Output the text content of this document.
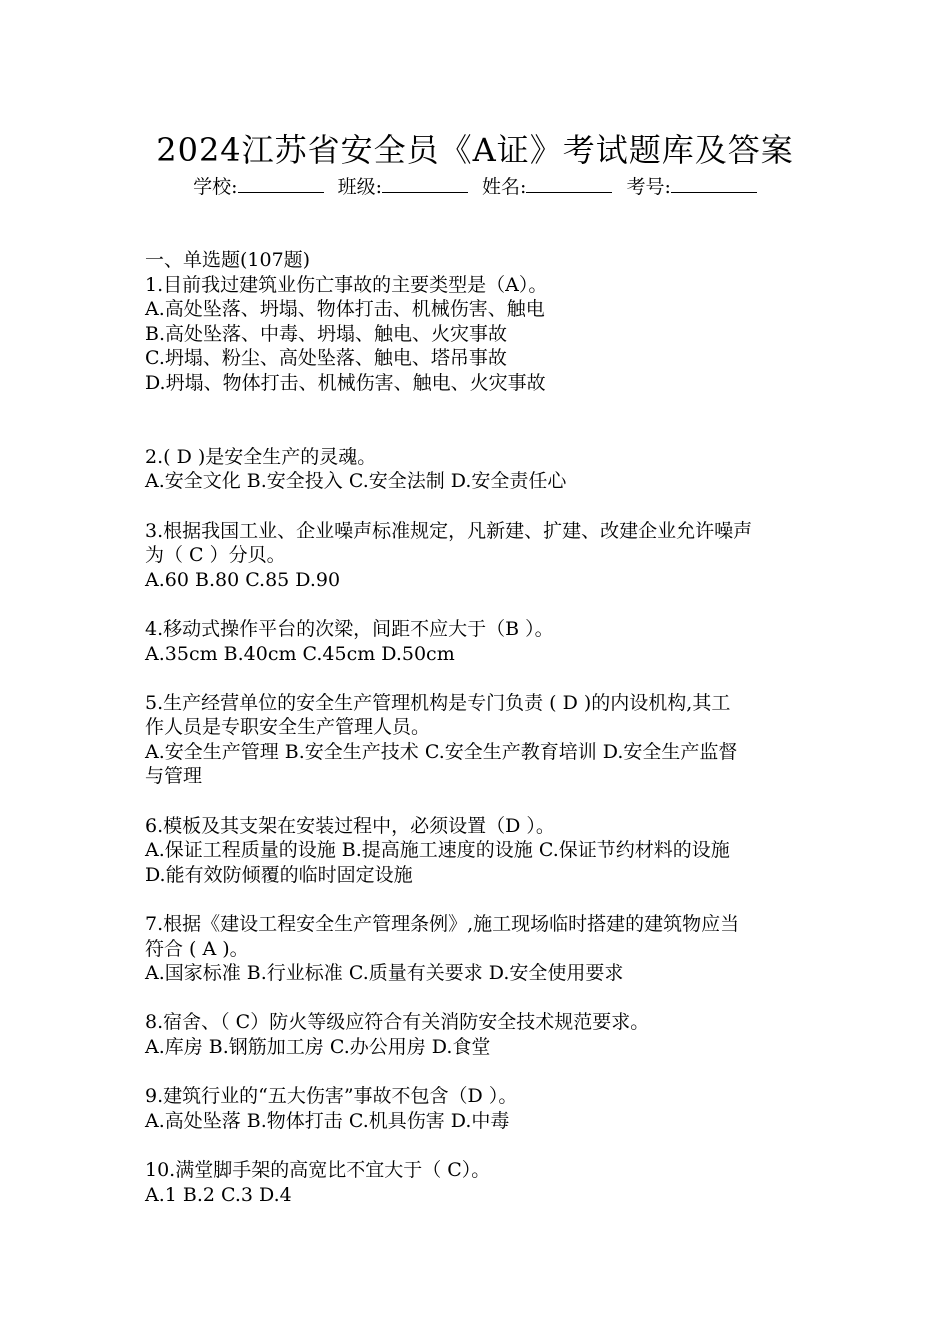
2024江苏省安全员《A证》考试题库及答案
学校:	班级:	姓名:	考号:
一、单选题(107题)
1.目前我过建筑业伤亡事故的主要类型是（A）。
A.高处坠落、坍塌、物体打击、机械伤害、触电
B.高处坠落、中毒、坍塌、触电、火灾事故
C.坍塌、粉尘、高处坠落、触电、塔吊事故
D.坍塌、物体打击、机械伤害、触电、火灾事故
2.( D )是安全生产的灵魂。
A.安全文化 B.安全投入 C.安全法制 D.安全责任心
3.根据我国工业、企业噪声标准规定，凡新建、扩建、改建企业允许噪声
为（ C ）分贝。
A.60 B.80 C.85 D.90
4.移动式操作平台的次梁，间距不应大于（B ）。
A.35cm B.40cm C.45cm D.50cm
5.生产经营单位的安全生产管理机构是专门负责 ( D )的内设机构,其工
作人员是专职安全生产管理人员。
A.安全生产管理 B.安全生产技术 C.安全生产教育培训 D.安全生产监督
与管理
6.模板及其支架在安装过程中，必须设置（D ）。
A.保证工程质量的设施 B.提高施工速度的设施 C.保证节约材料的设施
D.能有效防倾覆的临时固定设施
7.根据《建设工程安全生产管理条例》,施工现场临时搭建的建筑物应当
符合 ( A )。
A.国家标准 B.行业标准 C.质量有关要求 D.安全使用要求
8.宿舍、（ C）防火等级应符合有关消防安全技术规范要求。
A.库房 B.钢筋加工房 C.办公用房 D.食堂
9.建筑行业的“五大伤害”事故不包含（D ）。
A.高处坠落 B.物体打击 C.机具伤害 D.中毒
10.满堂脚手架的高宽比不宜大于（ C）。
A.1 B.2 C.3 D.4
